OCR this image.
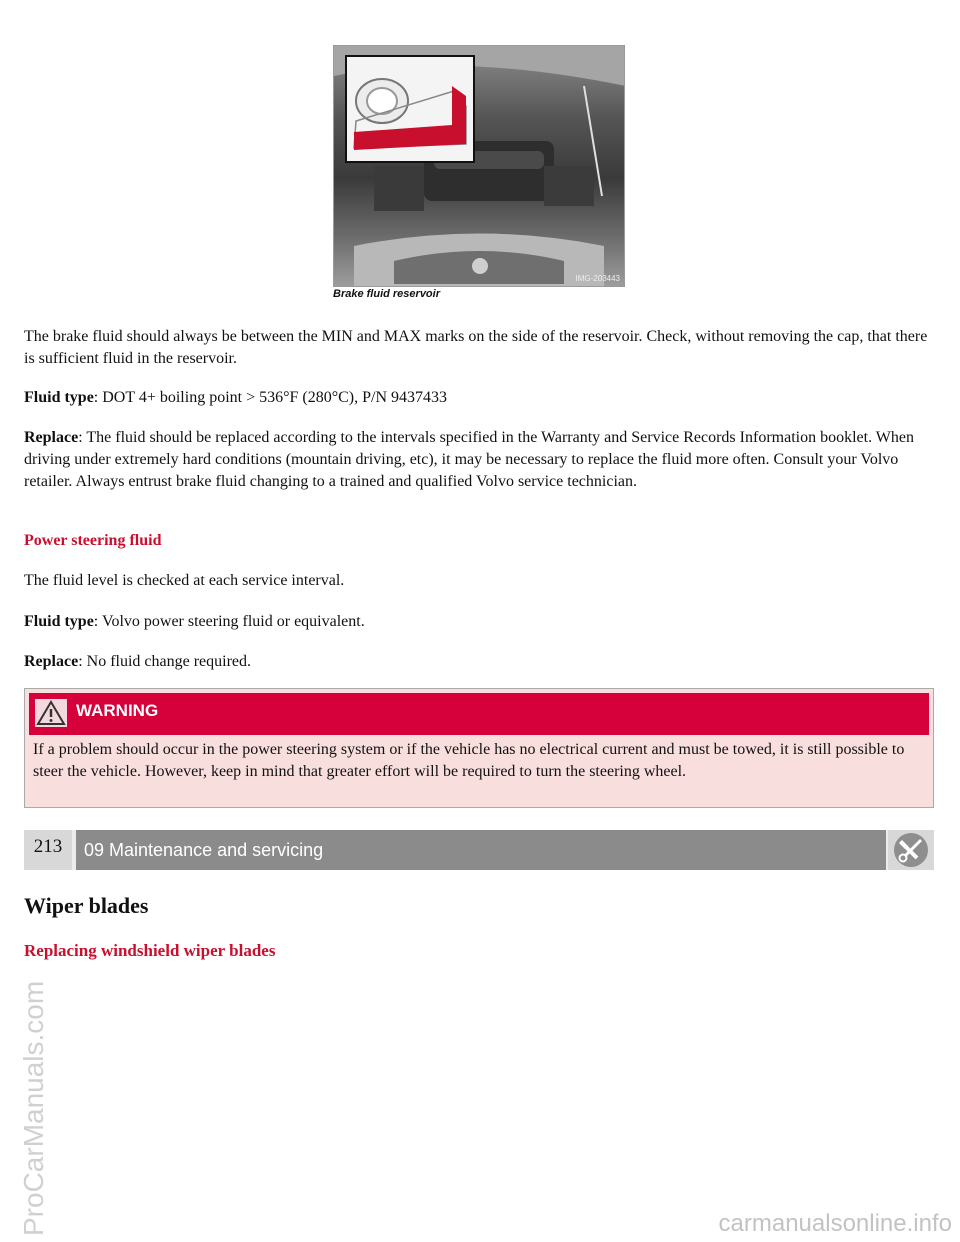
IMG-203443
Brake fluid reservoir

The brake fluid should always be between the MIN and MAX marks on the side of the reservoir. Check, without removing the cap, that there is sufficient fluid in the reservoir.

Fluid type: DOT 4+ boiling point > 536°F (280°C), P/N 9437433

Replace: The fluid should be replaced according to the intervals specified in the Warranty and Service Records Information booklet. When driving under extremely hard conditions (mountain driving, etc), it may be necessary to replace the fluid more often. Consult your Volvo retailer. Always entrust brake fluid changing to a trained and qualified Volvo service technician.

Power steering fluid

The fluid level is checked at each service interval.

Fluid type: Volvo power steering fluid or equivalent.

Replace: No fluid change required.

WARNING
If a problem should occur in the power steering system or if the vehicle has no electrical current and must be towed, it is still possible to steer the vehicle. However, keep in mind that greater effort will be required to turn the steering wheel.
213	09 Maintenance and servicing
Wiper blades
Replacing windshield wiper blades
ProCarManuals.com	carmanualsonline.info
